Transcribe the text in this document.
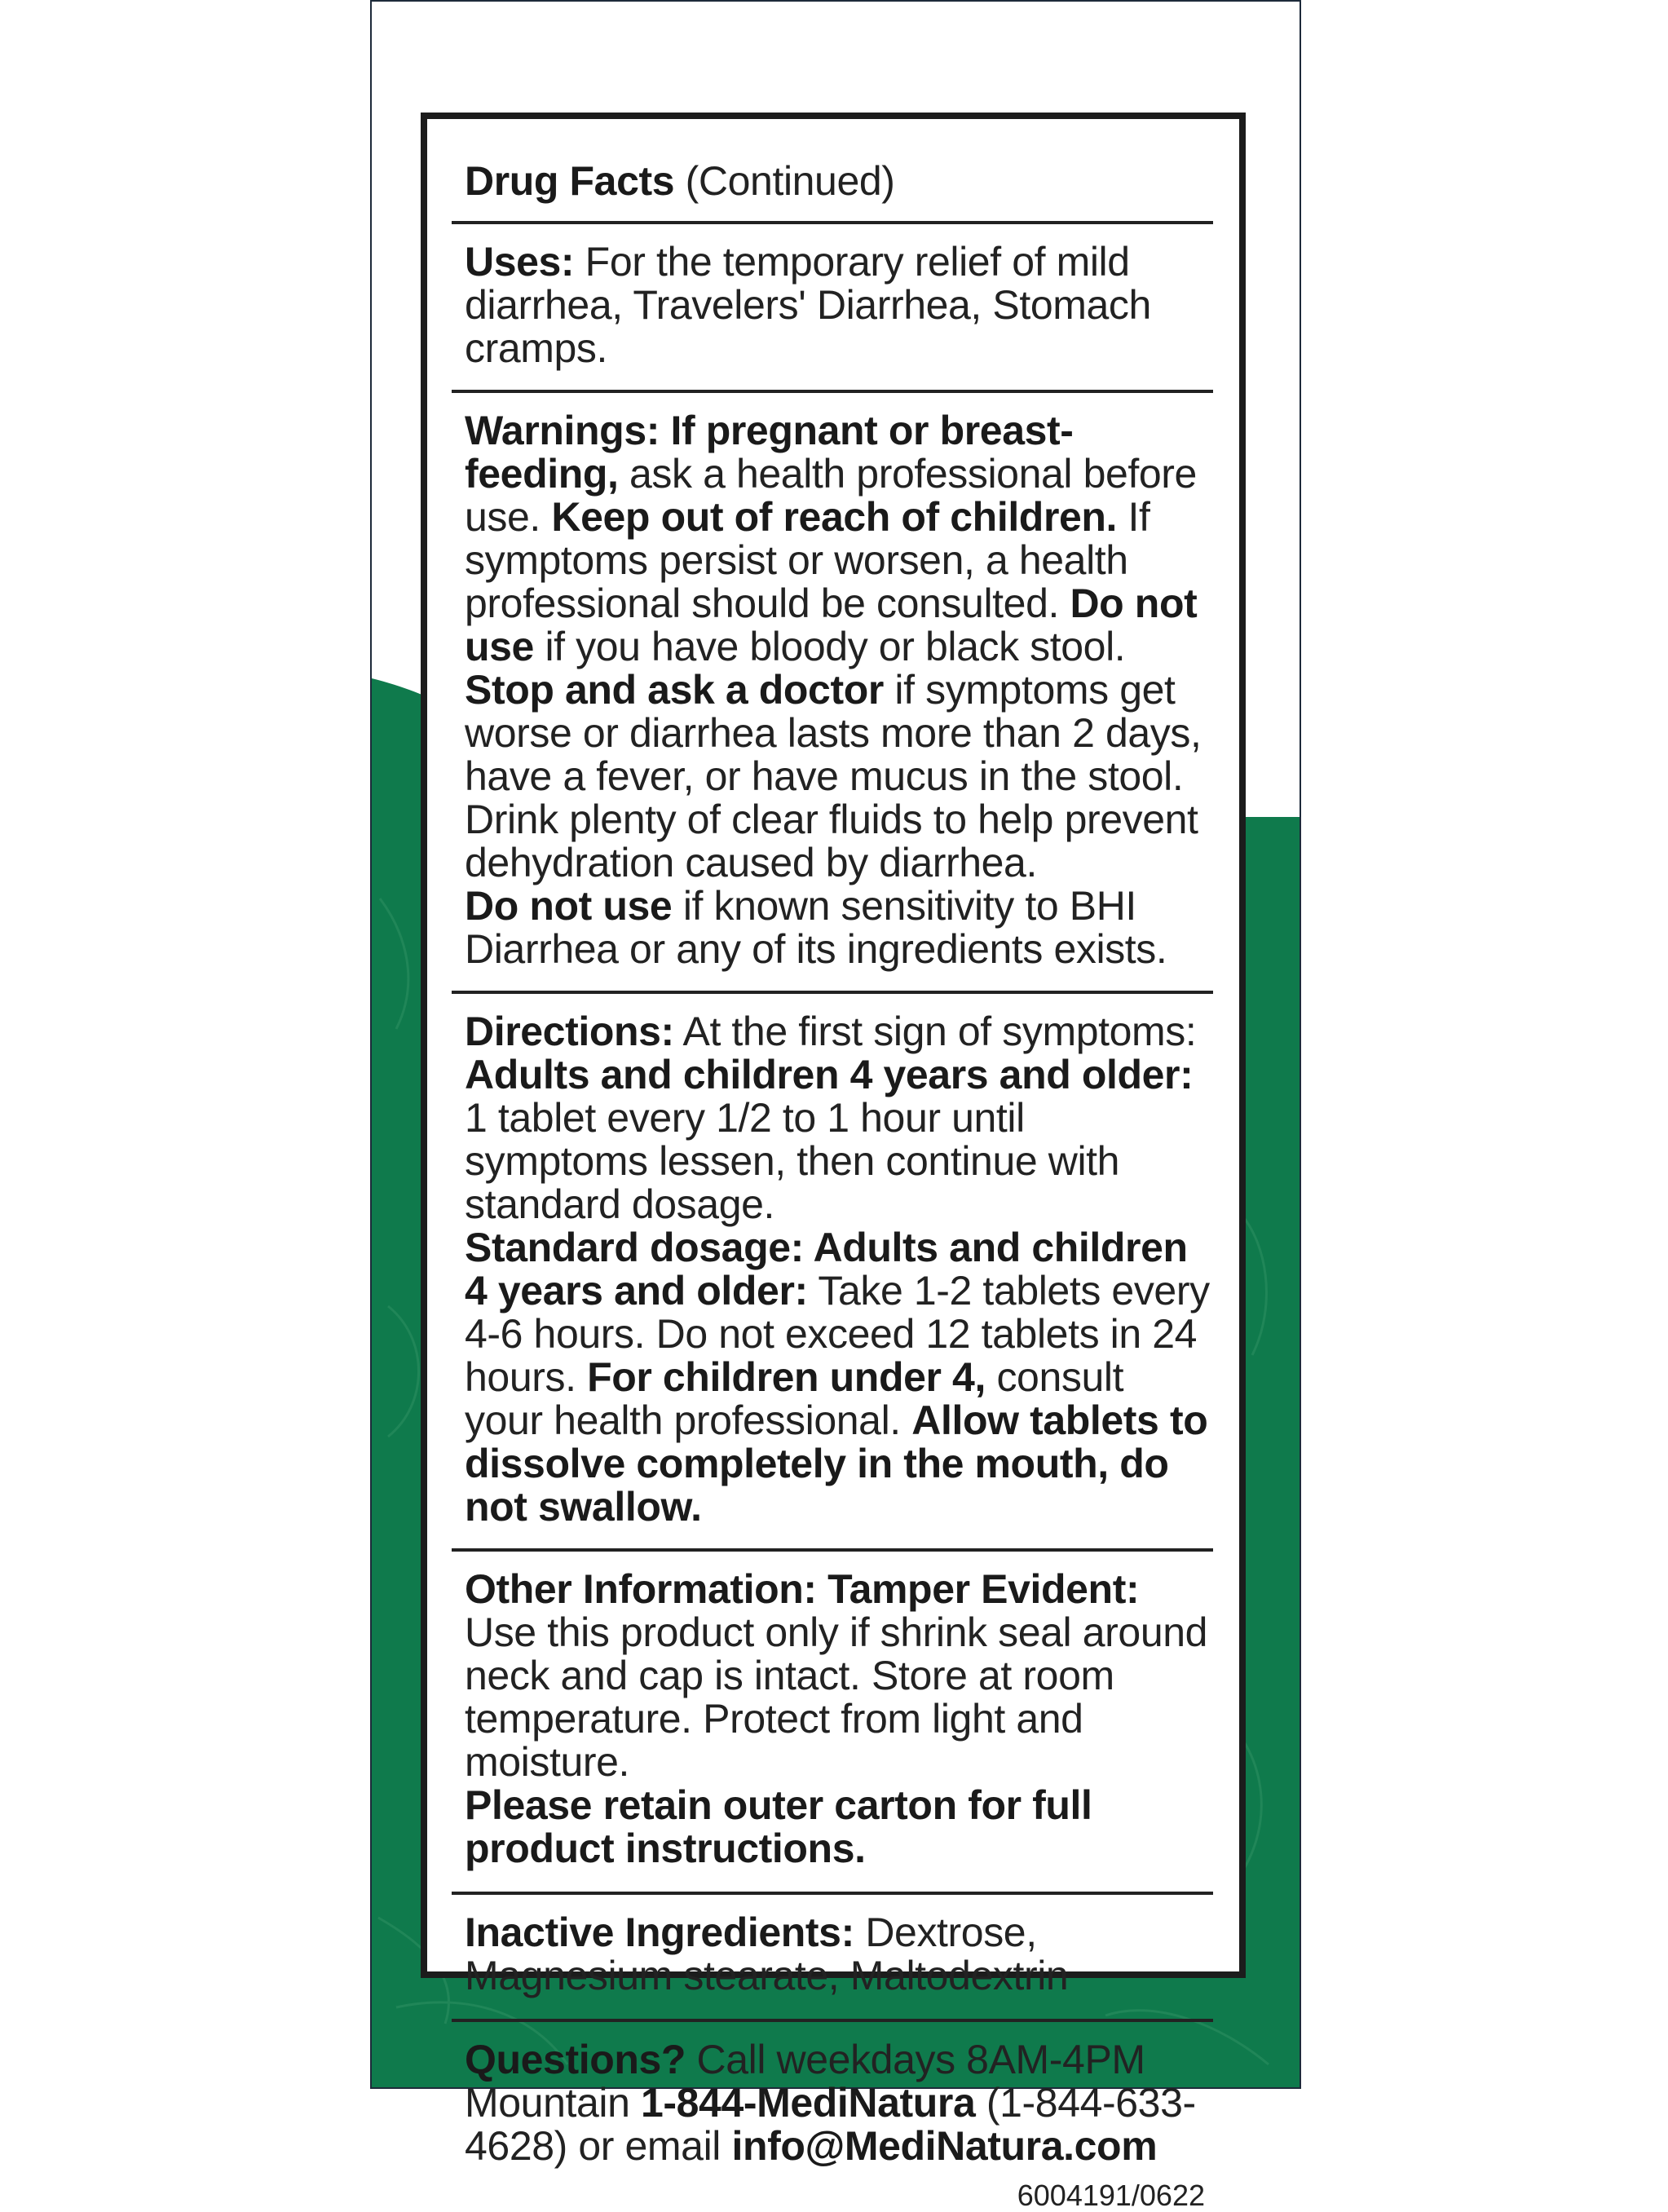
Drug Facts (Continued)
Uses: For the temporary relief of mild diarrhea, Travelers' Diarrhea, Stomach cramps.
Warnings: If pregnant or breast-feeding, ask a health professional before use. Keep out of reach of children. If symptoms persist or worsen, a health professional should be consulted. Do not use if you have bloody or black stool. Stop and ask a doctor if symptoms get worse or diarrhea lasts more than 2 days, have a fever, or have mucus in the stool. Drink plenty of clear fluids to help prevent dehydration caused by diarrhea.
Do not use if known sensitivity to BHI Diarrhea or any of its ingredients exists.
Directions: At the first sign of symptoms:
Adults and children 4 years and older:
1 tablet every 1/2 to 1 hour until symptoms lessen, then continue with standard dosage.
Standard dosage: Adults and children 4 years and older: Take 1-2 tablets every 4-6 hours. Do not exceed 12 tablets in 24 hours. For children under 4, consult your health professional. Allow tablets to dissolve completely in the mouth, do not swallow.
Other Information: Tamper Evident:
Use this product only if shrink seal around neck and cap is intact. Store at room temperature. Protect from light and moisture.
Please retain outer carton for full product instructions.
Inactive Ingredients: Dextrose, Magnesium stearate, Maltodextrin
Questions? Call weekdays 8AM-4PM Mountain 1-844-MediNatura (1-844-633-4628) or email info@MediNatura.com
6004191/0622
